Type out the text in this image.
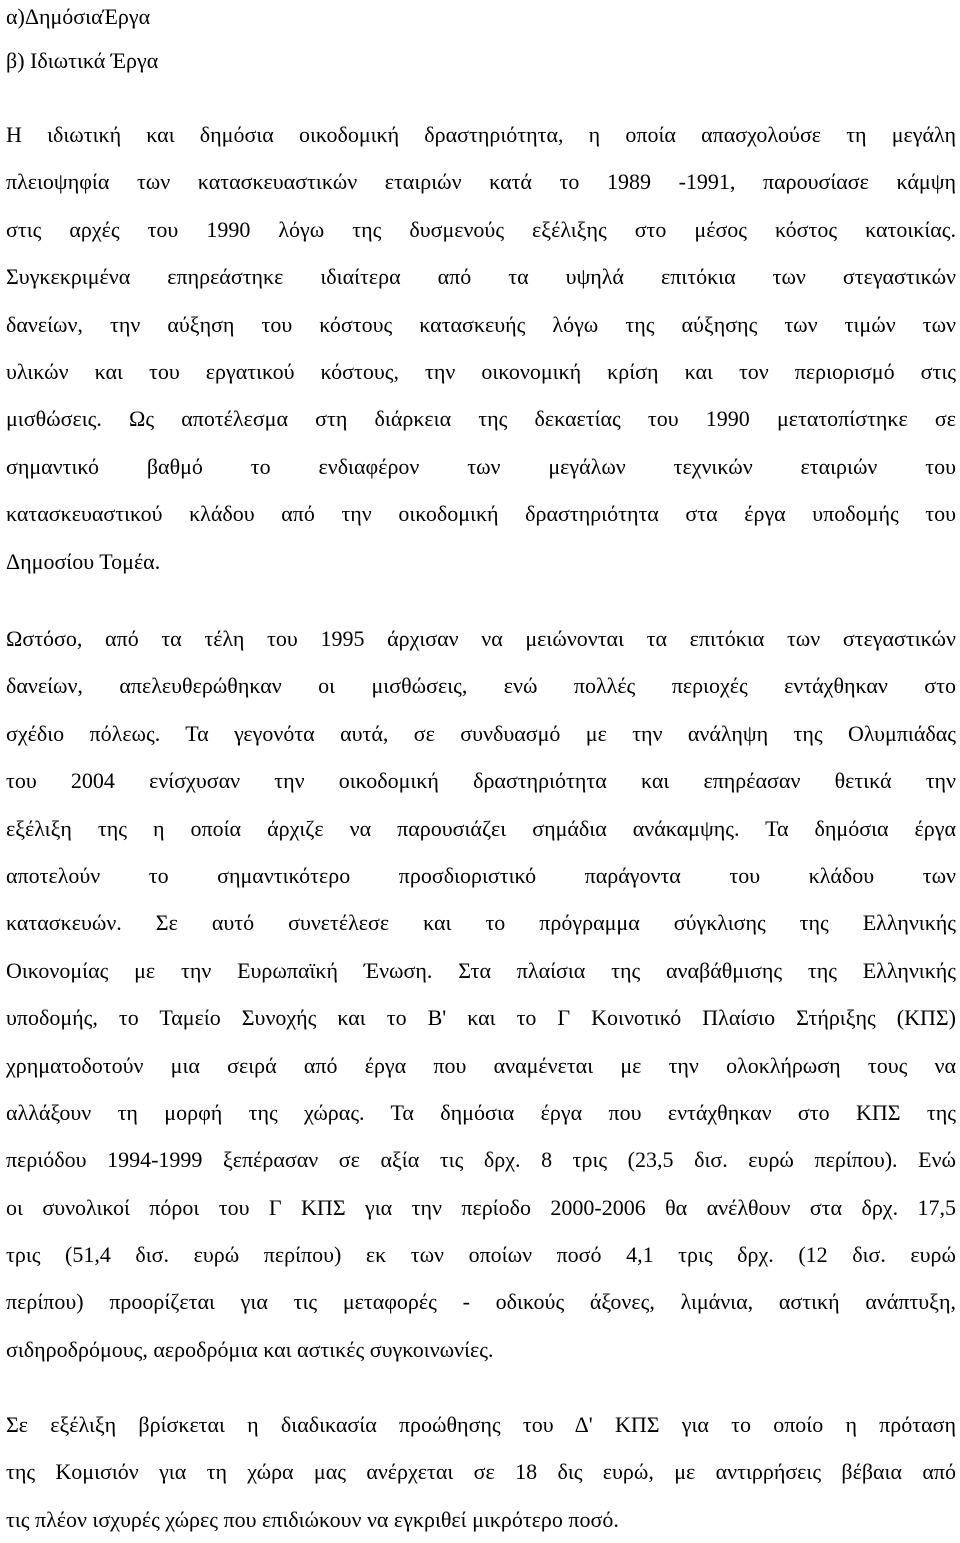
α)ΔημόσιαΈργα
β) Ιδιωτικά Έργα
Η ιδιωτική και δημόσια οικοδομική δραστηριότητα, η οποία απασχολούσε τη μεγάλη
πλειοψηφία των κατασκευαστικών εταιριών κατά το 1989 -1991, παρουσίασε κάμψη
στις αρχές του 1990 λόγω της δυσμενούς εξέλιξης στο μέσος κόστος κατοικίας.
Συγκεκριμένα επηρεάστηκε ιδιαίτερα από τα υψηλά επιτόκια των στεγαστικών
δανείων, την αύξηση του κόστους κατασκευής λόγω της αύξησης των τιμών των
υλικών και του εργατικού κόστους, την οικονομική κρίση και τον περιορισμό στις
μισθώσεις. Ως αποτέλεσμα στη διάρκεια της δεκαετίας του 1990 μετατοπίστηκε σε
σημαντικό βαθμό το ενδιαφέρον των μεγάλων τεχνικών εταιριών του
κατασκευαστικού κλάδου από την οικοδομική δραστηριότητα στα έργα υποδομής του
Δημοσίου Τομέα.
Ωστόσο, από τα τέλη του 1995 άρχισαν να μειώνονται τα επιτόκια των στεγαστικών
δανείων, απελευθερώθηκαν οι μισθώσεις, ενώ πολλές περιοχές εντάχθηκαν στο
σχέδιο πόλεως. Τα γεγονότα αυτά, σε συνδυασμό με την ανάληψη της Ολυμπιάδας
του 2004 ενίσχυσαν την οικοδομική δραστηριότητα και επηρέασαν θετικά την
εξέλιξη της η οποία άρχιζε να παρουσιάζει σημάδια ανάκαμψης. Τα δημόσια έργα
αποτελούν το σημαντικότερο προσδιοριστικό παράγοντα του κλάδου των
κατασκευών. Σε αυτό συνετέλεσε και το πρόγραμμα σύγκλισης της Ελληνικής
Οικονομίας με την Ευρωπαϊκή Ένωση. Στα πλαίσια της αναβάθμισης της Ελληνικής
υποδομής, το Ταμείο Συνοχής και το Β' και το Γ Κοινοτικό Πλαίσιο Στήριξης (ΚΠΣ)
χρηματοδοτούν μια σειρά από έργα που αναμένεται με την ολοκλήρωση τους να
αλλάξουν τη μορφή της χώρας. Τα δημόσια έργα που εντάχθηκαν στο ΚΠΣ της
περιόδου 1994-1999 ξεπέρασαν σε αξία τις δρχ. 8 τρις (23,5 δισ. ευρώ περίπου). Ενώ
οι συνολικοί πόροι του Γ ΚΠΣ για την περίοδο 2000-2006 θα ανέλθουν στα δρχ. 17,5
τρις (51,4 δισ. ευρώ περίπου) εκ των οποίων ποσό 4,1 τρις δρχ. (12 δισ. ευρώ
περίπου) προορίζεται για τις μεταφορές - οδικούς άξονες, λιμάνια, αστική ανάπτυξη,
σιδηροδρόμους, αεροδρόμια και αστικές συγκοινωνίες.
Σε εξέλιξη βρίσκεται η διαδικασία προώθησης του Δ' ΚΠΣ για το οποίο η πρόταση
της Κομισιόν για τη χώρα μας ανέρχεται σε 18 δις ευρώ, με αντιρρήσεις βέβαια από
τις πλέον ισχυρές χώρες που επιδιώκουν να εγκριθεί μικρότερο ποσό.
